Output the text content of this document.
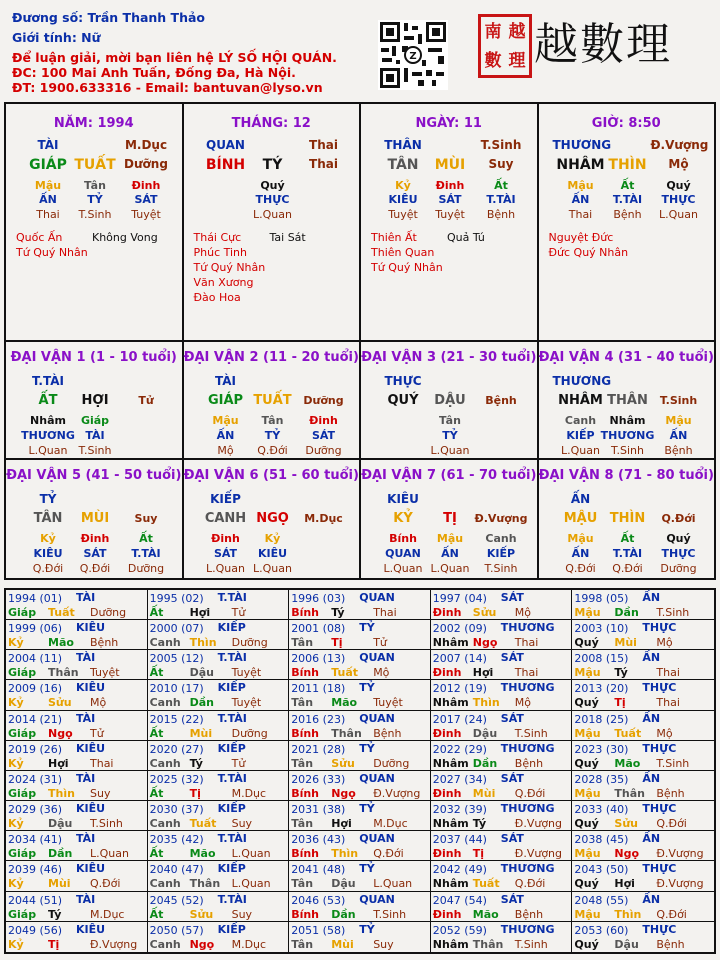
Đương số: Trần Thanh Thảo
Giới tính: Nữ
Để luận giải, mời bạn liên hệ LÝ SỐ HỘI QUÁN.
ĐC: 100 Mai Anh Tuấn, Đống Đa, Hà Nội.
ĐT: 1900.633316 - Email: bantuvan@lyso.vn
Z
南 越
數 理 越數理
NĂM: 1994
TÀI	M.Dục
GIÁP TUẤT Dưỡng
Mậu	Tân	Đinh
ẤN	TỶ	SÁT
Thai	T.Sinh	Tuyệt
Quốc Ấn
Tứ Quý Nhân
Không Vong
THÁNG: 12
QUAN	Thai
BÍNH	TÝ	Thai
Quý
THỰC
L.Quan
Thái Cực
Phúc Tinh
Tứ Quý Nhân
Văn Xương
Đào Hoa
Tai Sát
NGÀY: 11
THÂN	T.Sinh
TÂN	MÙI	Suy
Kỷ	Đinh	Ất
KIÊU	SÁT	T.TÀI
Tuyệt	Tuyệt	Bệnh
Thiên Ất
Thiên Quan
Tứ Quý Nhân
Quả Tú
GIỜ: 8:50
THƯƠNG	Đ.Vượng
NHÂM THÌN	Mộ
Mậu	Ất	Quý
ẤN	T.TÀI	THỰC
Thai	Bệnh	L.Quan
Nguyệt Đức
Đức Quý Nhân
ĐẠI VẬN 1 (1 - 10 tuổi)
T.TÀI
ẤT	HỢI	Tử
Nhâm	Giáp
THƯƠNG TÀI
L.Quan	T.Sinh
ĐẠI VẬN 2 (11 - 20 tuổi)
TÀI
GIÁP TUẤT	Dưỡng
Mậu	Tân	Đinh
ẤN	TỶ	SÁT
Mộ	Q.Đới	Dưỡng
ĐẠI VẬN 3 (21 - 30 tuổi)
THỰC
QUÝ	DẬU	Bệnh
Tân
TỶ
L.Quan
ĐẠI VẬN 4 (31 - 40 tuổi)
THƯƠNG
NHÂM THÂN	T.Sinh
Canh	Nhâm	Mậu
KIẾP THƯƠNG	ẤN
L.Quan	T.Sinh	Bệnh
ĐẠI VẬN 5 (41 - 50 tuổi)
TỶ
TÂN	MÙI	Suy
Kỷ	Đinh	Ất
KIÊU	SÁT	T.TÀI
Q.Đới	Q.Đới	Dưỡng
ĐẠI VẬN 6 (51 - 60 tuổi)
KIẾP
CANH NGỌ	M.Dục
Đinh	Kỷ
SÁT	KIÊU
L.Quan L.Quan
ĐẠI VẬN 7 (61 - 70 tuổi)
KIÊU
KỶ	TỊ	Đ.Vượng
Bính	Mậu	Canh
QUAN	ẤN	KIẾP
L.Quan L.Quan	T.Sinh
ĐẠI VẬN 8 (71 - 80 tuổi)
ẤN
MẬU THÌN	Q.Đới
Mậu	Ất	Quý
ẤN	T.TÀI	THỰC
Q.Đới	Q.Đới	Dưỡng
1994 (01) TÀI
Giáp Tuất Dưỡng
1995 (02) T.TÀI
Ất Hợi Tử
1996 (03) QUAN
Bính Tý	Thai
1997 (04) SÁT
Đinh Sửu Mộ
1998 (05) ẤN
Mậu Dần T.Sinh
1999 (06) KIÊU
Kỷ Mão Bệnh
2000 (07) KIẾP
Canh Thìn Dưỡng
2001 (08) TỶ
Tân Tị	Tử
2002 (09) THƯƠNG
Nhâm Ngọ Thai
2003 (10) THỰC
Quý Mùi Mộ
2004 (11) TÀI
Giáp Thân Tuyệt
2005 (12) T.TÀI
Ất Dậu Tuyệt
2006 (13) QUAN
Bính Tuất Mộ
2007 (14) SÁT
Đinh Hợi Thai
2008 (15) ẤN
Mậu Tý	Thai
2009 (16) KIÊU
Kỷ Sửu Mộ
2010 (17) KIẾP
Canh Dần Tuyệt
2011 (18) TỶ
Tân Mão Tuyệt
2012 (19) THƯƠNG
Nhâm Thìn Mộ
2013 (20) THỰC
Quý Tị	Thai
2014 (21) TÀI
Giáp Ngọ Tử
2015 (22) T.TÀI
Ất Mùi Dưỡng
2016 (23) QUAN
Bính Thân Bệnh
2017 (24) SÁT
Đinh Dậu T.Sinh
2018 (25) ẤN
Mậu Tuất Mộ
2019 (26) KIÊU
Kỷ Hợi Thai
2020 (27) KIẾP
Canh Tý	Tử
2021 (28) TỶ
Tân Sửu Dưỡng
2022 (29) THƯƠNG
Nhâm Dần Bệnh
2023 (30) THỰC
Quý Mão T.Sinh
2024 (31) TÀI
Giáp Thìn Suy
2025 (32) T.TÀI
Ất Tị	M.Dục
2026 (33) QUAN
Bính Ngọ Đ.Vượng
2027 (34) SÁT
Đinh Mùi Q.Đới
2028 (35) ẤN
Mậu Thân Bệnh
2029 (36) KIÊU
Kỷ Dậu T.Sinh
2030 (37) KIẾP
Canh Tuất Suy
2031 (38) TỶ
Tân Hợi M.Dục
2032 (39) THƯƠNG
Nhâm Tý	Đ.Vượng
2033 (40) THỰC
Quý Sửu Q.Đới
2034 (41) TÀI
Giáp Dần L.Quan
2035 (42) T.TÀI
Ất Mão L.Quan
2036 (43) QUAN
Bính Thìn Q.Đới
2037 (44) SÁT
Đinh Tị	Đ.Vượng
2038 (45) ẤN
Mậu Ngọ Đ.Vượng
2039 (46) KIÊU
Kỷ Mùi Q.Đới
2040 (47) KIẾP
Canh Thân L.Quan
2041 (48) TỶ
Tân Dậu L.Quan
2042 (49) THƯƠNG
Nhâm Tuất Q.Đới
2043 (50) THỰC
Quý Hợi Đ.Vượng
2044 (51) TÀI
Giáp Tý	M.Dục
2045 (52) T.TÀI
Ất Sửu Suy
2046 (53) QUAN
Bính Dần T.Sinh
2047 (54) SÁT
Đinh Mão Bệnh
2048 (55) ẤN
Mậu Thìn Q.Đới
2049 (56) KIÊU
Kỷ Tị	Đ.Vượng
2050 (57) KIẾP
Canh Ngọ M.Dục
2051 (58) TỶ
Tân Mùi Suy
2052 (59) THƯƠNG
Nhâm Thân T.Sinh
2053 (60) THỰC
Quý Dậu Bệnh
